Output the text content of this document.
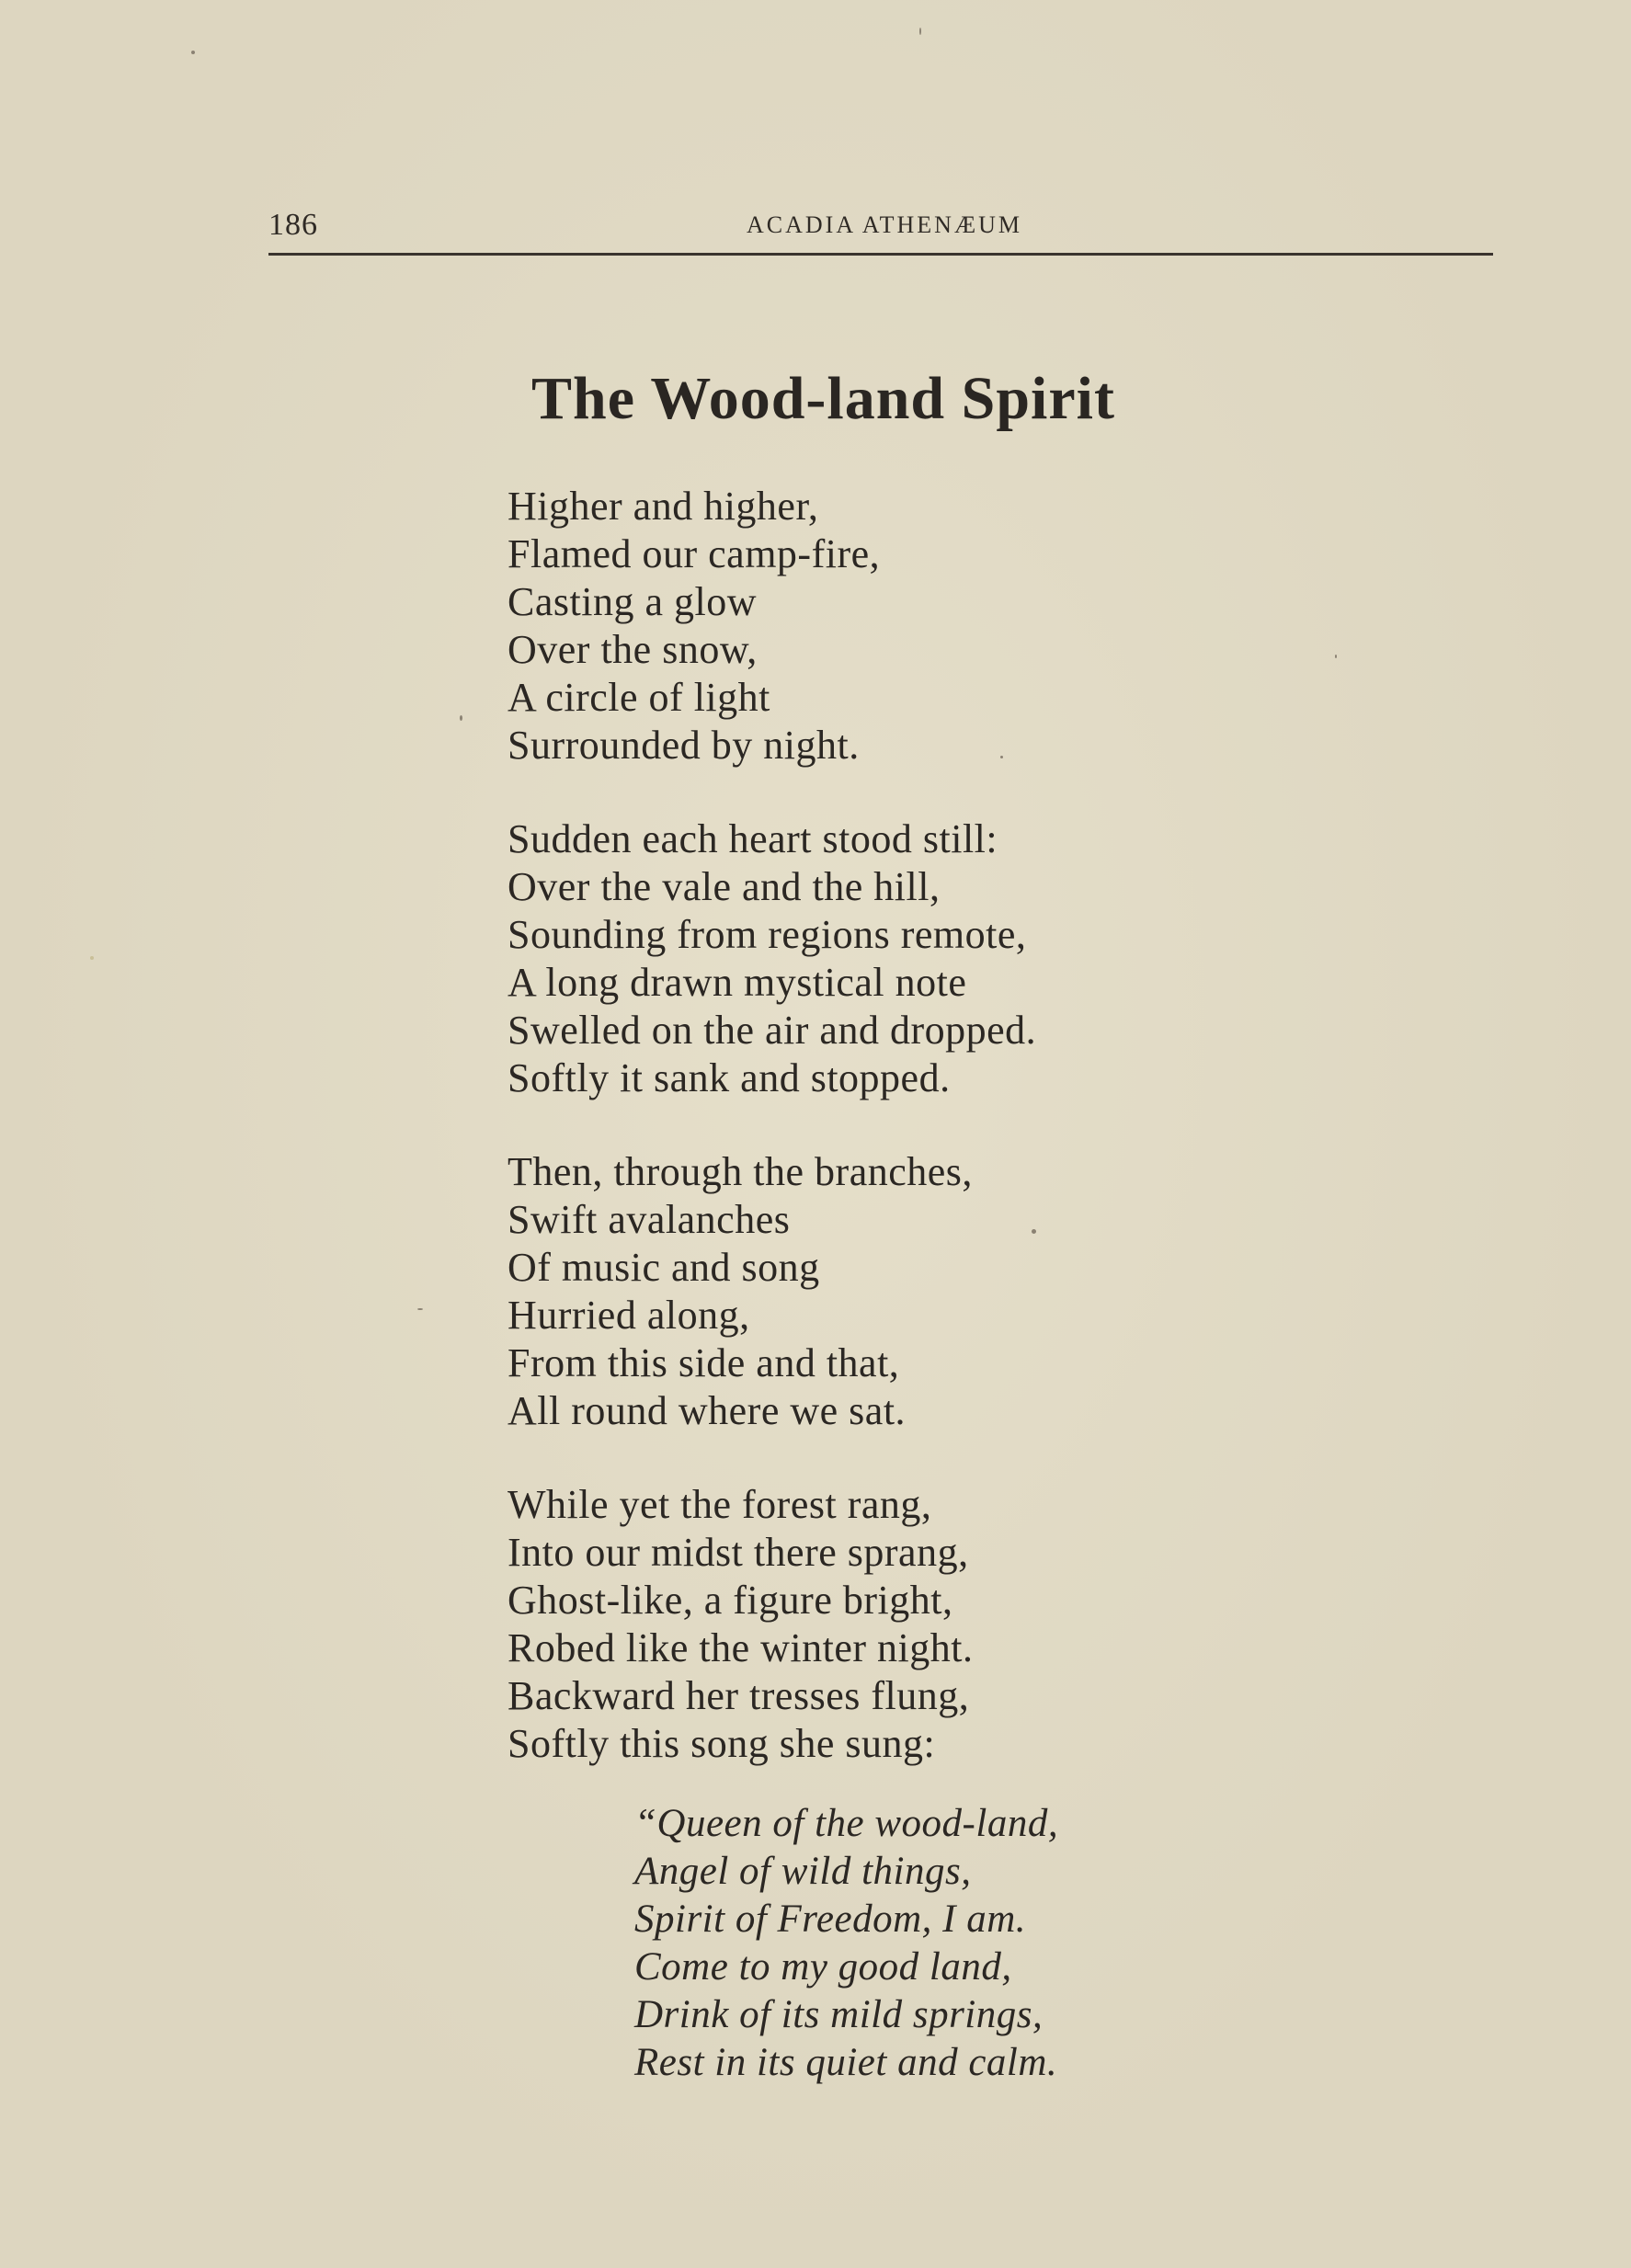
186	ACADIA ATHENÆUM
The Wood-land Spirit
Higher and higher,
Flamed our camp-fire,
Casting a glow
Over the snow,
A circle of light
Surrounded by night.
Sudden each heart stood still:
Over the vale and the hill,
Sounding from regions remote,
A long drawn mystical note
Swelled on the air and dropped.
Softly it sank and stopped.
Then, through the branches,
Swift avalanches
Of music and song
Hurried along,
From this side and that,
All round where we sat.
While yet the forest rang,
Into our midst there sprang,
Ghost-like, a figure bright,
Robed like the winter night.
Backward her tresses flung,
Softly this song she sung:
“Queen of the wood-land,
Angel of wild things,
Spirit of Freedom, I am.
Come to my good land,
Drink of its mild springs,
Rest in its quiet and calm.
